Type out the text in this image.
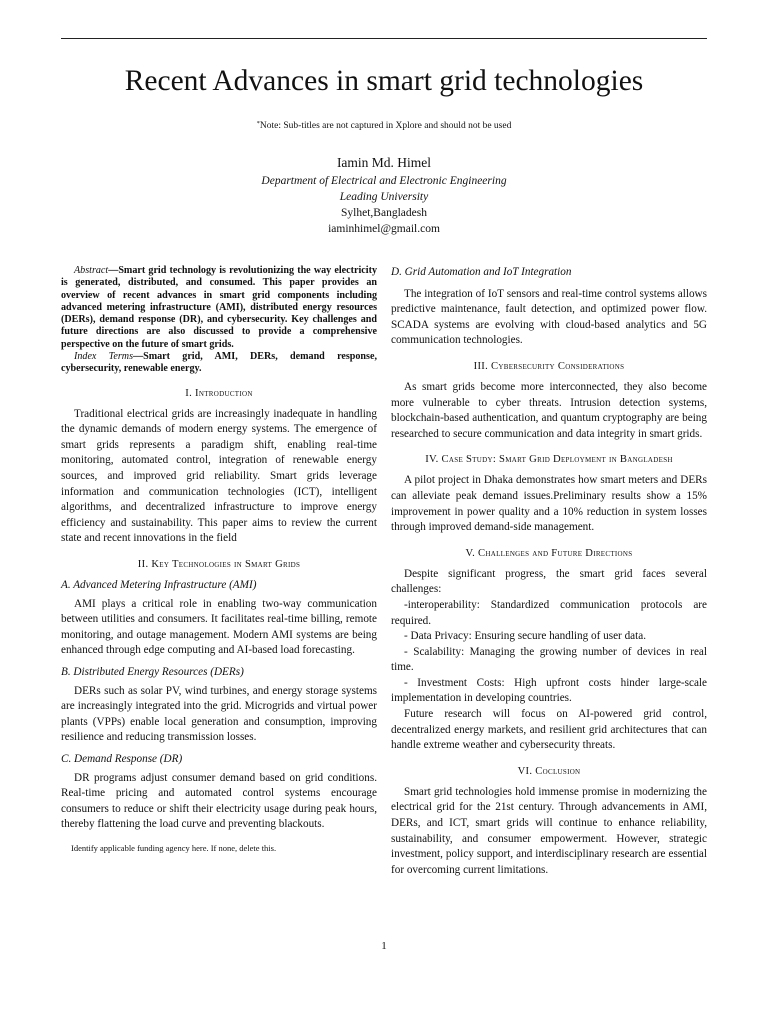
Recent Advances in smart grid technologies
*Note: Sub-titles are not captured in Xplore and should not be used
Iamin Md. Himel
Department of Electrical and Electronic Engineering
Leading University
Sylhet,Bangladesh
iaminhimel@gmail.com
Abstract—Smart grid technology is revolutionizing the way electricity is generated, distributed, and consumed. This paper provides an overview of recent advances in smart grid components including advanced metering infrastructure (AMI), distributed energy resources (DERs), demand response (DR), and cybersecurity. Key challenges and future directions are also discussed to provide a comprehensive perspective on the future of smart grids.
Index Terms—Smart grid, AMI, DERs, demand response, cybersecurity, renewable energy.
I. Introduction

Traditional electrical grids are increasingly inadequate in handling the dynamic demands of modern energy systems. The emergence of smart grids represents a paradigm shift, enabling real-time monitoring, automated control, integration of renewable energy sources, and improved grid reliability. Smart grids leverage information and communication technologies (ICT), intelligent algorithms, and decentralized infrastructure to improve energy efficiency and sustainability. This paper aims to review the current state and recent innovations in the field

II. Key Technologies in Smart Grids
A. Advanced Metering Infrastructure (AMI)

AMI plays a critical role in enabling two-way communication between utilities and consumers. It facilitates real-time billing, remote monitoring, and outage management. Modern AMI systems are being enhanced through edge computing and AI-based load forecasting.

B. Distributed Energy Resources (DERs)

DERs such as solar PV, wind turbines, and energy storage systems are increasingly integrated into the grid. Microgrids and virtual power plants (VPPs) enable local generation and consumption, improving resilience and reducing transmission losses.

C. Demand Response (DR)

DR programs adjust consumer demand based on grid conditions. Real-time pricing and automated control systems encourage consumers to reduce or shift their electricity usage during peak hours, thereby flattening the load curve and preventing blackouts.

Identify applicable funding agency here. If none, delete this.
D. Grid Automation and IoT Integration

The integration of IoT sensors and real-time control systems allows predictive maintenance, fault detection, and optimized power flow. SCADA systems are evolving with cloud-based analytics and 5G communication technologies.

III. Cybersecurity Considerations

As smart grids become more interconnected, they also become more vulnerable to cyber threats. Intrusion detection systems, blockchain-based authentication, and quantum cryptography are being researched to secure communication and data integrity in smart grids.

IV. Case Study: Smart Grid Deployment in Bangladesh

A pilot project in Dhaka demonstrates how smart meters and DERs can alleviate peak demand issues.Preliminary results show a 15% improvement in power quality and a 10% reduction in system losses through improved demand-side management.

V. Challenges and Future Directions

Despite significant progress, the smart grid faces several challenges:

-interoperability: Standardized communication protocols are required.

- Data Privacy: Ensuring secure handling of user data.

- Scalability: Managing the growing number of devices in real time.

- Investment Costs: High upfront costs hinder large-scale implementation in developing countries.

Future research will focus on AI-powered grid control, decentralized energy markets, and resilient grid architectures that can handle extreme weather and cybersecurity threats.

VI. Coclusion

Smart grid technologies hold immense promise in modernizing the electrical grid for the 21st century. Through advancements in AMI, DERs, and ICT, smart grids will continue to enhance reliability, sustainability, and consumer empowerment. However, strategic investment, policy support, and interdisciplinary research are essential for overcoming current limitations.

1
